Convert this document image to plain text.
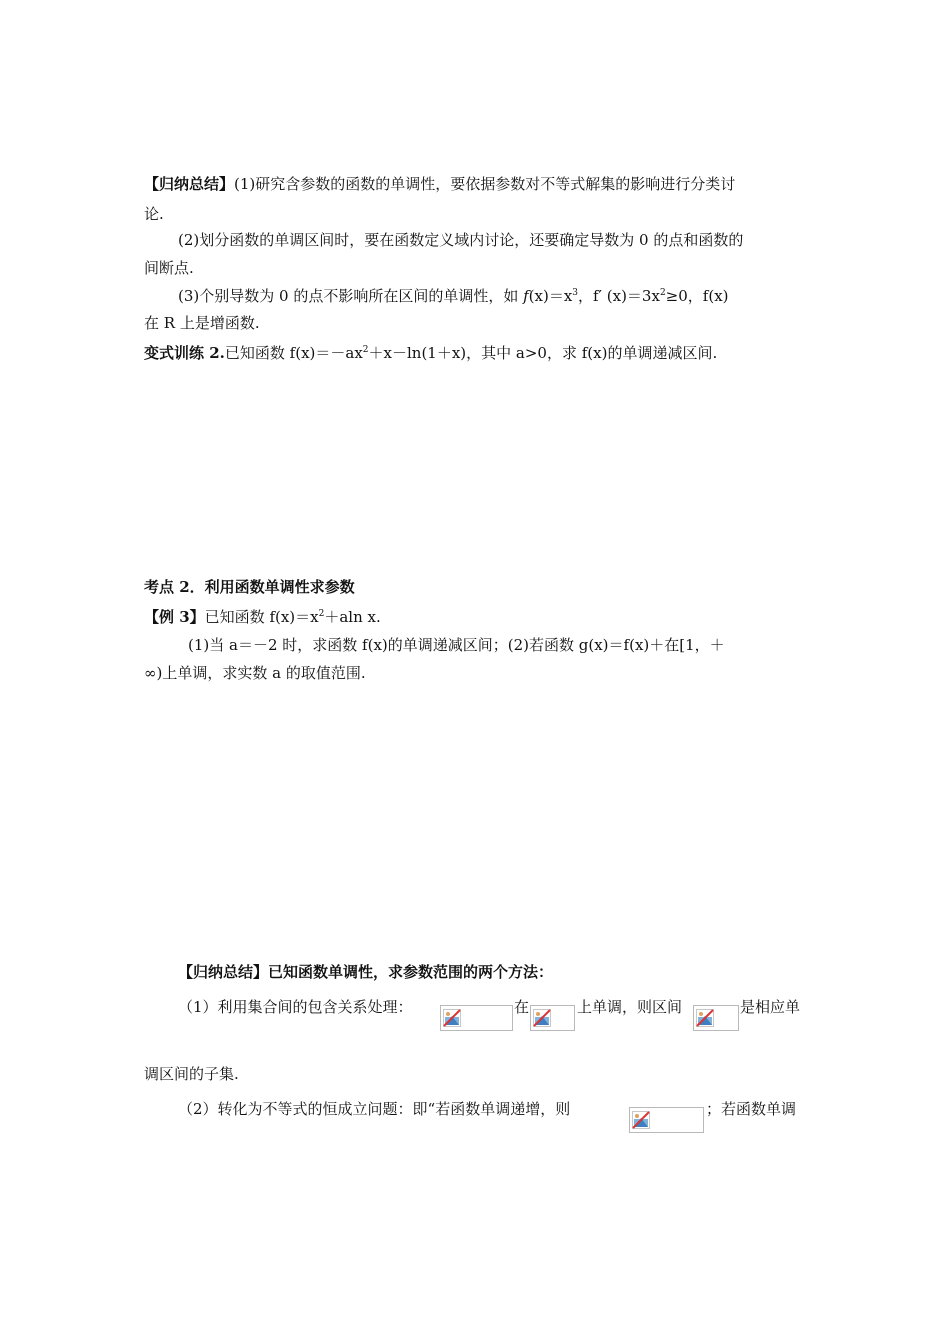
【归纳总结】(1)研究含参数的函数的单调性，要依据参数对不等式解集的影响进行分类讨
论.
(2)划分函数的单调区间时，要在函数定义域内讨论，还要确定导数为 0 的点和函数的
间断点.
(3)个别导数为 0 的点不影响所在区间的单调性，如 $f(x)=x^3$，f′ $(x)=3x^2\ge 0$，f(x)
在 R 上是增函数.
变式训练 2.已知函数 $f(x)=-ax^2+x-\ln(1+x)$，其中 a>0，求 f(x)的单调递减区间.
考点 2．利用函数单调性求参数
【例 3】已知函数 $f(x)=x^2+aln$ x.
(1)当 a＝－2 时，求函数 f(x)的单调递减区间；(2)若函数 g(x)＝f(x)＋在[1，＋
∞)上单调，求实数 a 的取值范围.
【归纳总结】已知函数单调性，求参数范围的两个方法：
（1）利用集合间的包含关系处理：	在	上单调，则区间	是相应单
调区间的子集.
（2）转化为不等式的恒成立问题：即“若函数单调递增，则	；若函数单调
